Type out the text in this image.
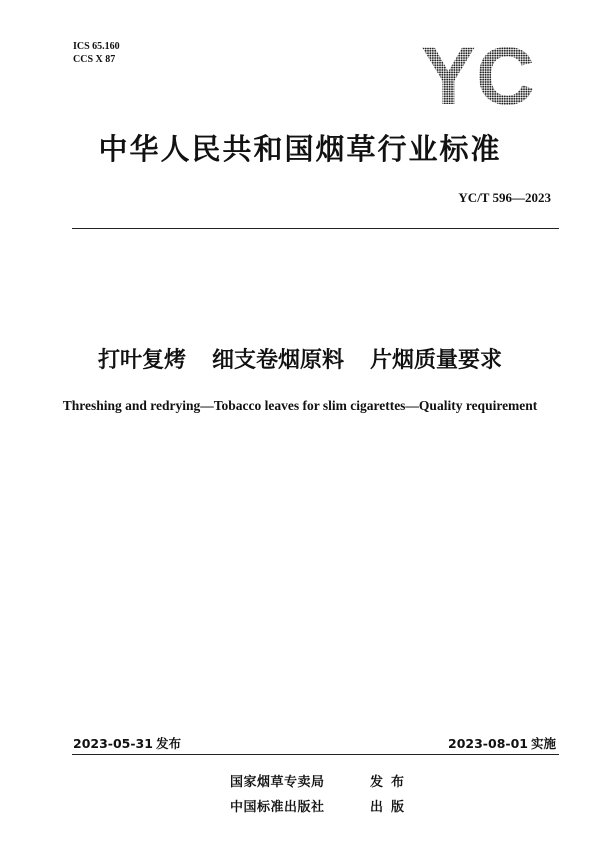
ICS 65.160
CCS X 87	YC
中华人民共和国烟草行业标准
YC/T 596—2023
打叶复烤 细支卷烟原料 片烟质量要求
Threshing and redrying—Tobacco leaves for slim cigarettes—Quality requirement
2023-05-31 发布	2023-08-01 实施
国家烟草专卖局	发布
中国标准出版社	出版
